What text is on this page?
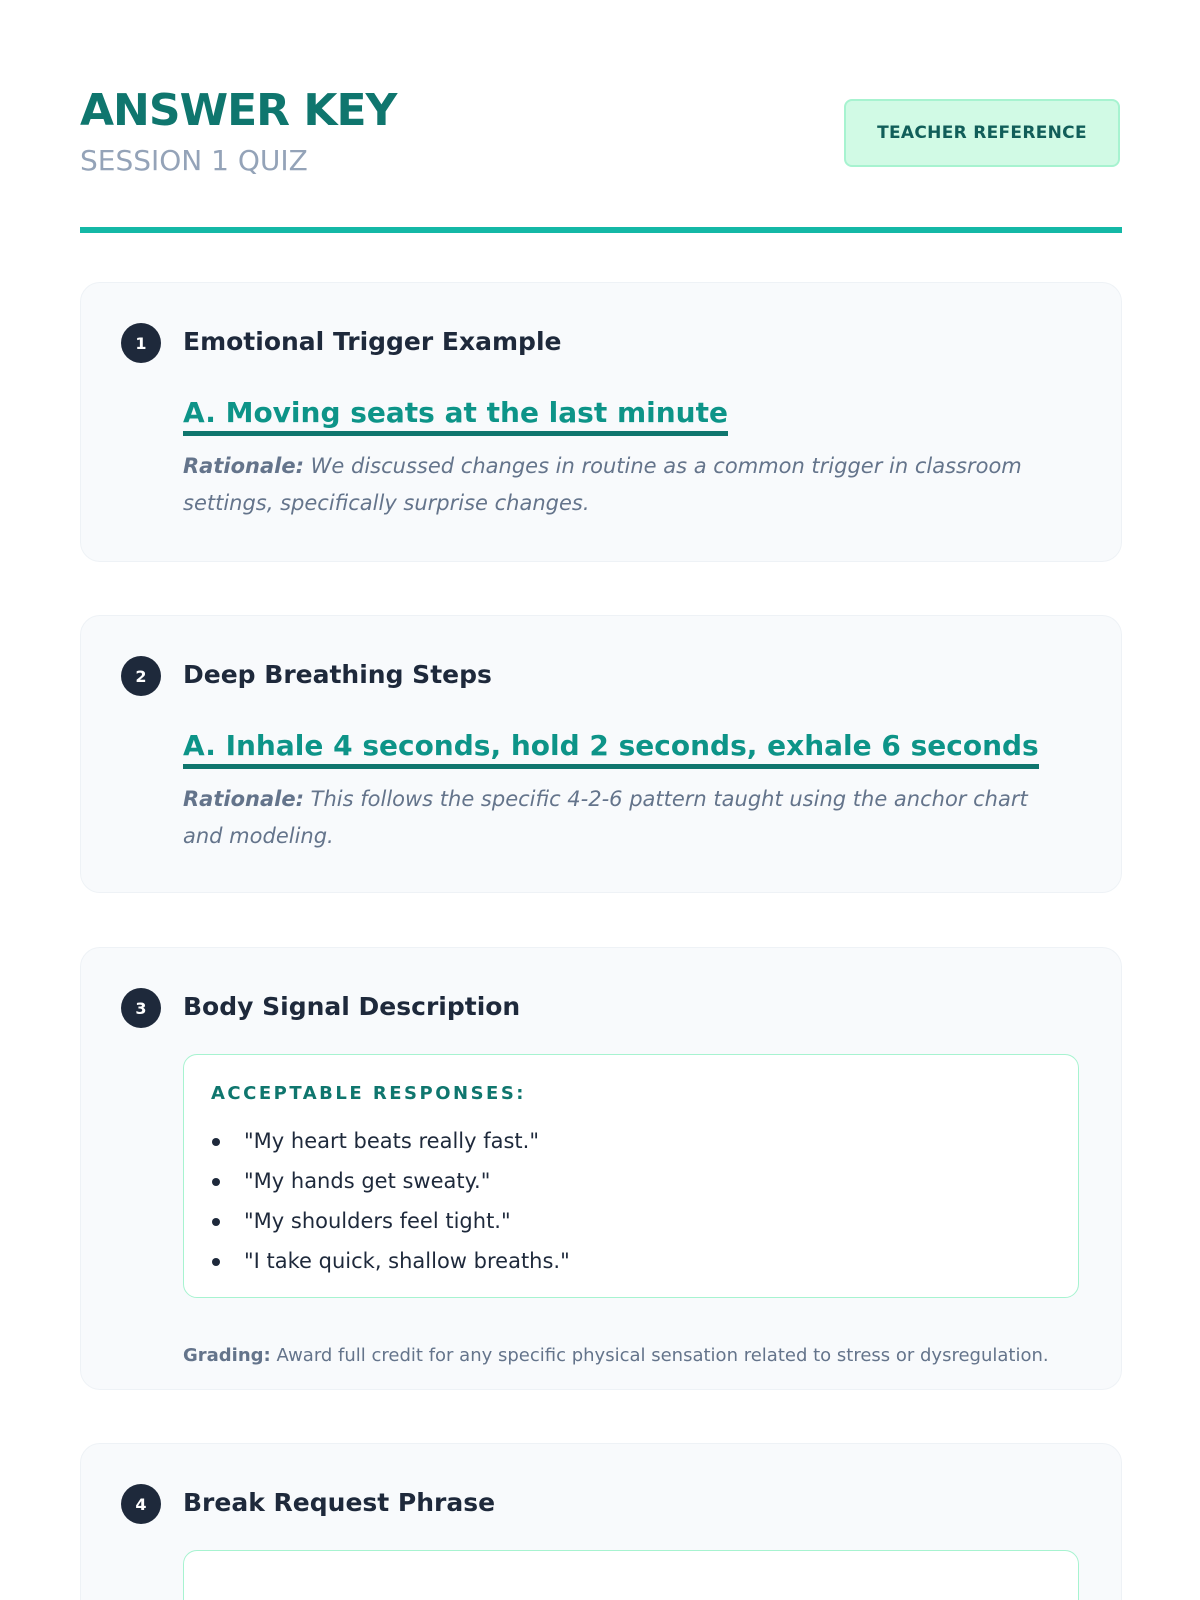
ANSWER KEY
SESSION 1 QUIZ
TEACHER REFERENCE
1	Emotional Trigger Example
A. Moving seats at the last minute
Rationale: We discussed changes in routine as a common trigger in classroom settings, specifically surprise changes.
2	Deep Breathing Steps
A. Inhale 4 seconds, hold 2 seconds, exhale 6 seconds
Rationale: This follows the specific 4-2-6 pattern taught using the anchor chart and modeling.
3	Body Signal Description
ACCEPTABLE RESPONSES:
"My heart beats really fast."
"My hands get sweaty."
"My shoulders feel tight."
"I take quick, shallow breaths."
Grading: Award full credit for any specific physical sensation related to stress or dysregulation.
4	Break Request Phrase
